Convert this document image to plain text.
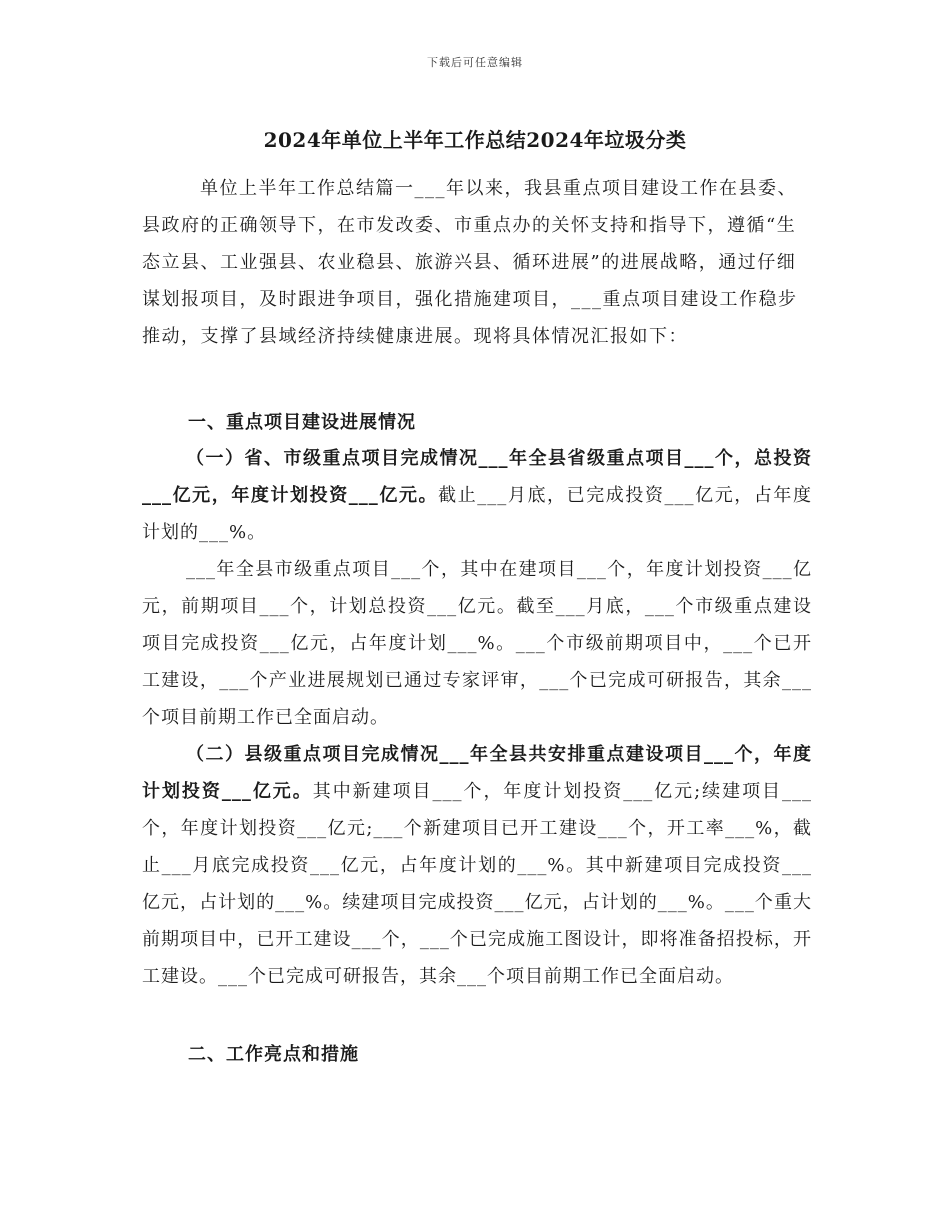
下载后可任意编辑
2024年单位上半年工作总结2024年垃圾分类

单位上半年工作总结篇一___年以来，我县重点项目建设工作在县委、县政府的正确领导下，在市发改委、市重点办的关怀支持和指导下，遵循“生态立县、工业强县、农业稳县、旅游兴县、循环进展”的进展战略，通过仔细谋划报项目，及时跟进争项目，强化措施建项目，___重点项目建设工作稳步推动，支撑了县域经济持续健康进展。现将具体情况汇报如下：

一、重点项目建设进展情况

（一）省、市级重点项目完成情况___年全县省级重点项目___个，总投资___亿元，年度计划投资___亿元。截止___月底，已完成投资___亿元，占年度计划的___%。

___年全县市级重点项目___个，其中在建项目___个，年度计划投资___亿元，前期项目___个，计划总投资___亿元。截至___月底，___个市级重点建设项目完成投资___亿元，占年度计划___%。___个市级前期项目中，___个已开工建设，___个产业进展规划已通过专家评审，___个已完成可研报告，其余___个项目前期工作已全面启动。

（二）县级重点项目完成情况___年全县共安排重点建设项目___个，年度计划投资___亿元。其中新建项目___个，年度计划投资___亿元;续建项目___个，年度计划投资___亿元;___个新建项目已开工建设___个，开工率___%，截止___月底完成投资___亿元，占年度计划的___%。其中新建项目完成投资___亿元，占计划的___%。续建项目完成投资___亿元，占计划的___%。___个重大前期项目中，已开工建设___个，___个已完成施工图设计，即将准备招投标，开工建设。___个已完成可研报告，其余___个项目前期工作已全面启动。

二、工作亮点和措施
